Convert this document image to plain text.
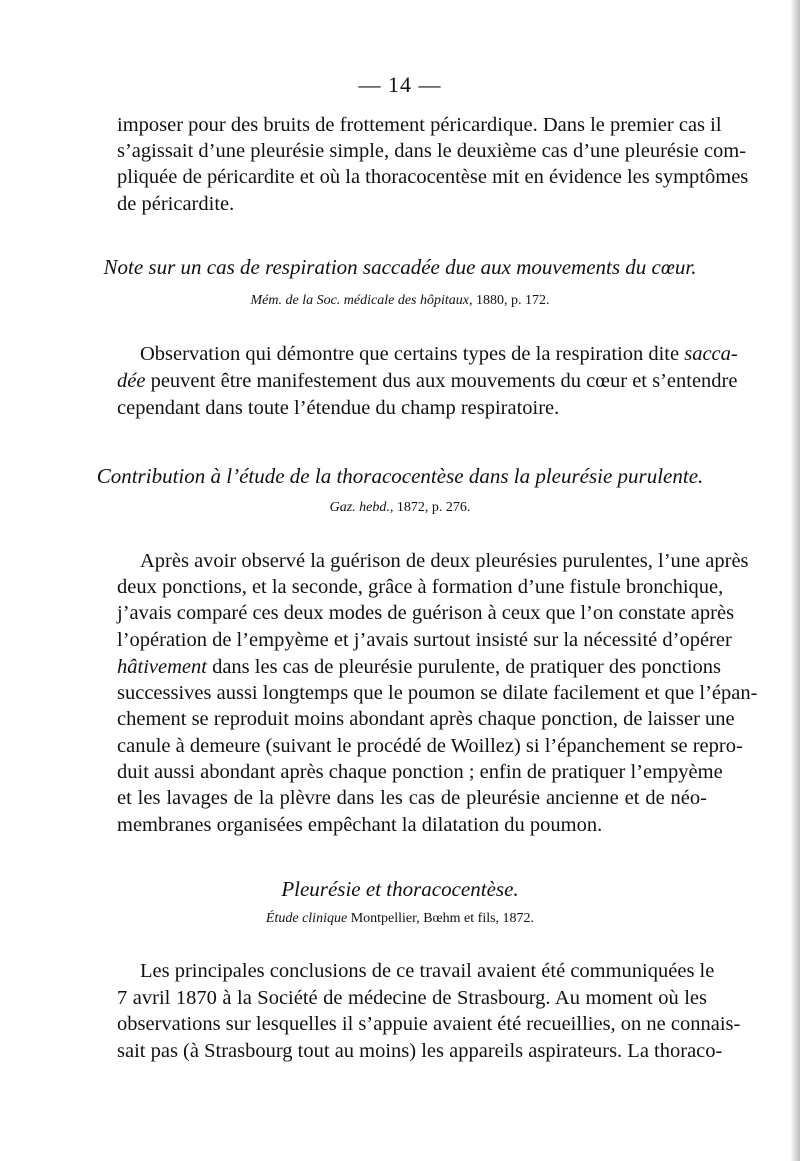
— 14 —
imposer pour des bruits de frottement péricardique. Dans le premier cas il
s’agissait d’une pleurésie simple, dans le deuxième cas d’une pleurésie com-
pliquée de péricardite et où la thoracocentèse mit en évidence les symptômes
de péricardite.
Note sur un cas de respiration saccadée due aux mouvements du cœur.
Mém. de la Soc. médicale des hôpitaux, 1880, p. 172.
Observation qui démontre que certains types de la respiration dite sacca-
dée peuvent être manifestement dus aux mouvements du cœur et s’entendre
cependant dans toute l’étendue du champ respiratoire.
Contribution à l’étude de la thoracocentèse dans la pleurésie purulente.
Gaz. hebd., 1872, p. 276.
Après avoir observé la guérison de deux pleurésies purulentes, l’une après
deux ponctions, et la seconde, grâce à formation d’une fistule bronchique,
j’avais comparé ces deux modes de guérison à ceux que l’on constate après
l’opération de l’empyème et j’avais surtout insisté sur la nécessité d’opérer
hâtivement dans les cas de pleurésie purulente, de pratiquer des ponctions
successives aussi longtemps que le poumon se dilate facilement et que l’épan-
chement se reproduit moins abondant après chaque ponction, de laisser une
canule à demeure (suivant le procédé de Woillez) si l’épanchement se repro-
duit aussi abondant après chaque ponction ; enfin de pratiquer l’empyème
et les lavages de la plèvre dans les cas de pleurésie ancienne et de néo-
membranes organisées empêchant la dilatation du poumon.
Pleurésie et thoracocentèse.
Étude clinique Montpellier, Bœhm et fils, 1872.
Les principales conclusions de ce travail avaient été communiquées le
7 avril 1870 à la Société de médecine de Strasbourg. Au moment où les
observations sur lesquelles il s’appuie avaient été recueillies, on ne connais-
sait pas (à Strasbourg tout au moins) les appareils aspirateurs. La thoraco-
